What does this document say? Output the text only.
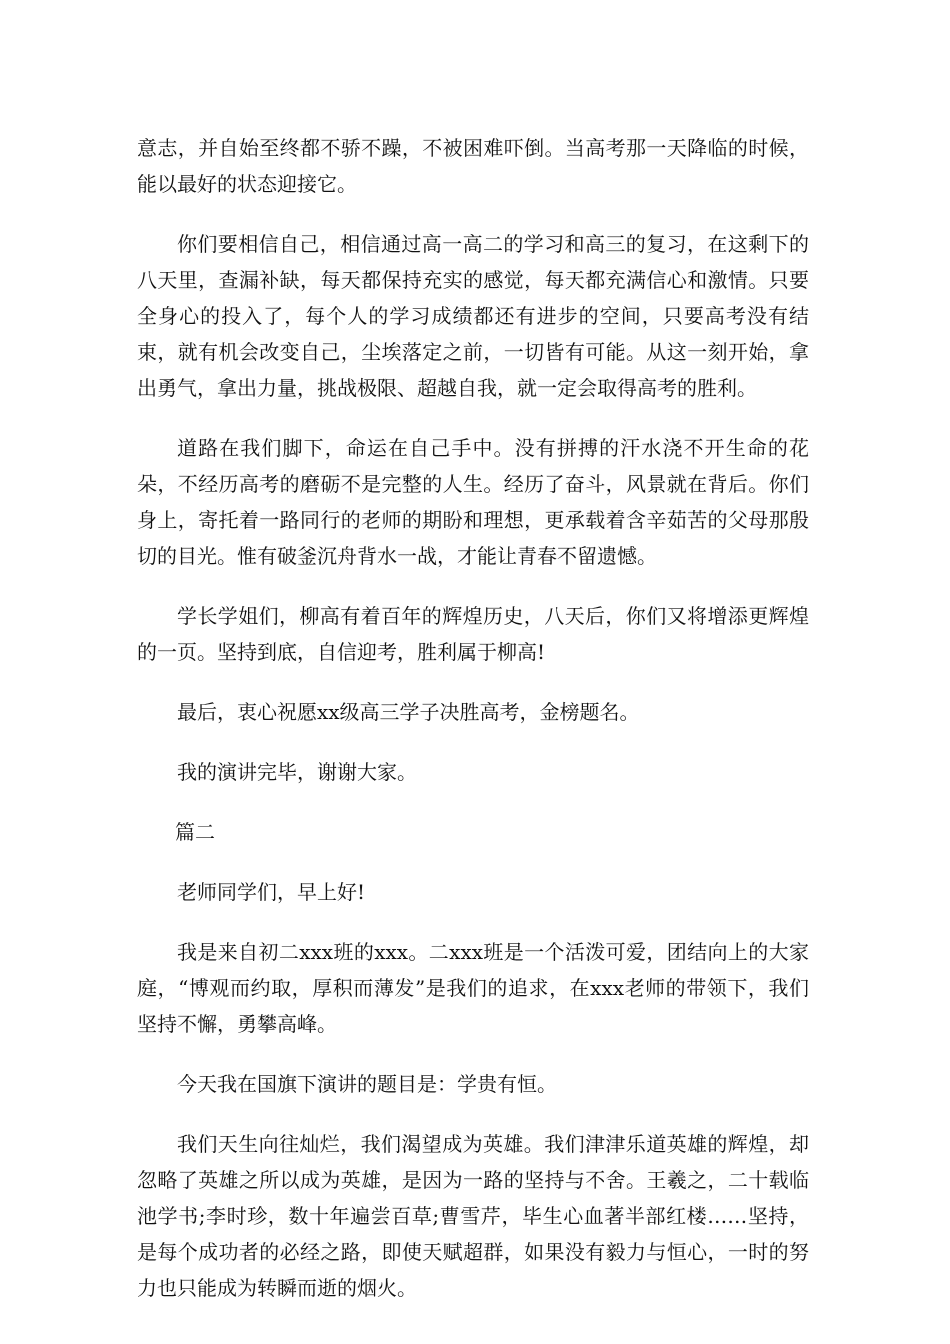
意志，并自始至终都不骄不躁，不被困难吓倒。当高考那一天降临的时候，能以最好的状态迎接它。

你们要相信自己，相信通过高一高二的学习和高三的复习，在这剩下的八天里，查漏补缺，每天都保持充实的感觉，每天都充满信心和激情。只要全身心的投入了，每个人的学习成绩都还有进步的空间，只要高考没有结束，就有机会改变自己，尘埃落定之前，一切皆有可能。从这一刻开始，拿出勇气，拿出力量，挑战极限、超越自我，就一定会取得高考的胜利。

道路在我们脚下，命运在自己手中。没有拼搏的汗水浇不开生命的花朵，不经历高考的磨砺不是完整的人生。经历了奋斗，风景就在背后。你们身上，寄托着一路同行的老师的期盼和理想，更承载着含辛茹苦的父母那殷切的目光。惟有破釜沉舟背水一战，才能让青春不留遗憾。

学长学姐们，柳高有着百年的辉煌历史，八天后，你们又将增添更辉煌的一页。坚持到底，自信迎考，胜利属于柳高!

最后，衷心祝愿xx级高三学子决胜高考，金榜题名。

我的演讲完毕，谢谢大家。

篇二

老师同学们，早上好!

我是来自初二xxx班的xxx。二xxx班是一个活泼可爱，团结向上的大家庭，“博观而约取，厚积而薄发”是我们的追求，在xxx老师的带领下，我们坚持不懈，勇攀高峰。

今天我在国旗下演讲的题目是：学贵有恒。

我们天生向往灿烂，我们渴望成为英雄。我们津津乐道英雄的辉煌，却忽略了英雄之所以成为英雄，是因为一路的坚持与不舍。王羲之，二十载临池学书;李时珍，数十年遍尝百草;曹雪芹，毕生心血著半部红楼……坚持，是每个成功者的必经之路，即使天赋超群，如果没有毅力与恒心，一时的努力也只能成为转瞬而逝的烟火。
